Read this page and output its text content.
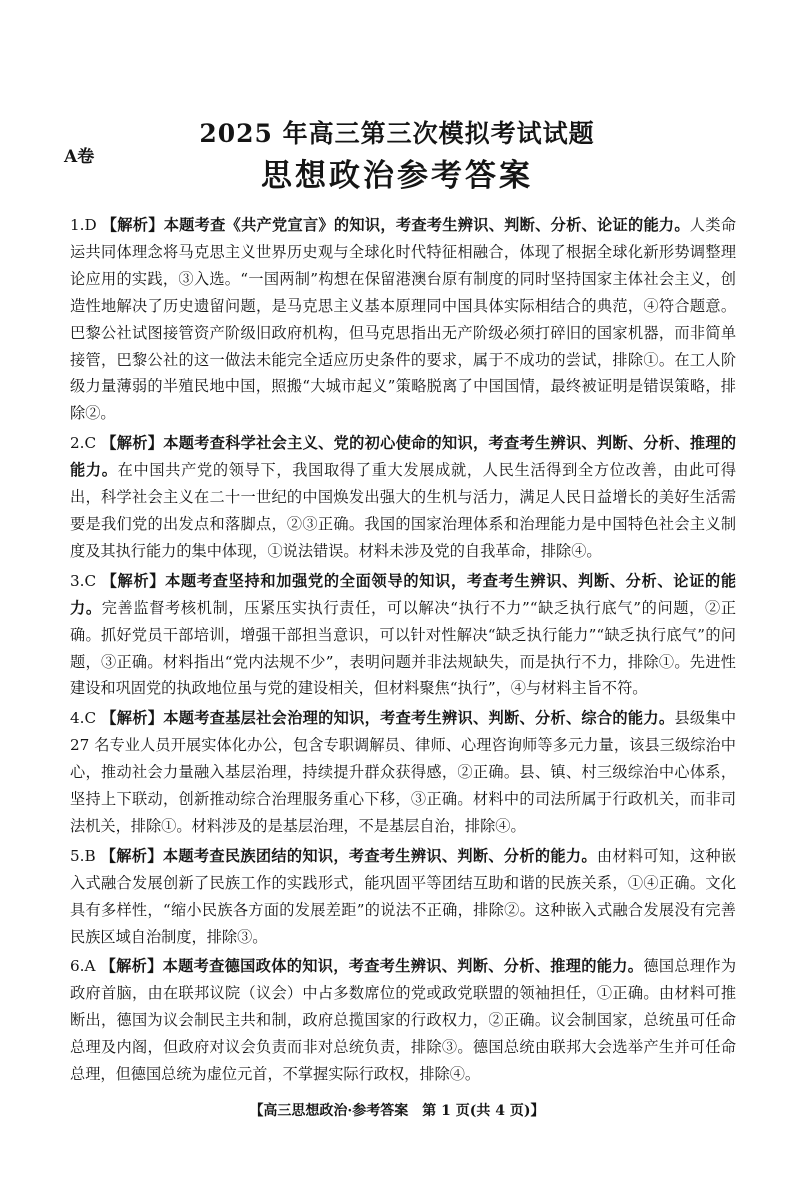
A卷
2025 年高三第三次模拟考试试题
思想政治参考答案

1.D 【解析】本题考查《共产党宣言》的知识，考查考生辨识、判断、分析、论证的能力。人类命运共同体理念将马克思主义世界历史观与全球化时代特征相融合，体现了根据全球化新形势调整理论应用的实践，③入选。“一国两制”构想在保留港澳台原有制度的同时坚持国家主体社会主义，创造性地解决了历史遗留问题，是马克思主义基本原理同中国具体实际相结合的典范，④符合题意。巴黎公社试图接管资产阶级旧政府机构，但马克思指出无产阶级必须打碎旧的国家机器，而非简单接管，巴黎公社的这一做法未能完全适应历史条件的要求，属于不成功的尝试，排除①。在工人阶级力量薄弱的半殖民地中国，照搬“大城市起义”策略脱离了中国国情，最终被证明是错误策略，排除②。

2.C 【解析】本题考查科学社会主义、党的初心使命的知识，考查考生辨识、判断、分析、推理的能力。在中国共产党的领导下，我国取得了重大发展成就，人民生活得到全方位改善，由此可得出，科学社会主义在二十一世纪的中国焕发出强大的生机与活力，满足人民日益增长的美好生活需要是我们党的出发点和落脚点，②③正确。我国的国家治理体系和治理能力是中国特色社会主义制度及其执行能力的集中体现，①说法错误。材料未涉及党的自我革命，排除④。

3.C 【解析】本题考查坚持和加强党的全面领导的知识，考查考生辨识、判断、分析、论证的能力。完善监督考核机制，压紧压实执行责任，可以解决“执行不力”“缺乏执行底气”的问题，②正确。抓好党员干部培训，增强干部担当意识，可以针对性解决“缺乏执行能力”“缺乏执行底气”的问题，③正确。材料指出“党内法规不少”，表明问题并非法规缺失，而是执行不力，排除①。先进性建设和巩固党的执政地位虽与党的建设相关，但材料聚焦“执行”，④与材料主旨不符。

4.C 【解析】本题考查基层社会治理的知识，考查考生辨识、判断、分析、综合的能力。县级集中 27 名专业人员开展实体化办公，包含专职调解员、律师、心理咨询师等多元力量，该县三级综治中心，推动社会力量融入基层治理，持续提升群众获得感，②正确。县、镇、村三级综治中心体系，坚持上下联动，创新推动综合治理服务重心下移，③正确。材料中的司法所属于行政机关，而非司法机关，排除①。材料涉及的是基层治理，不是基层自治，排除④。

5.B 【解析】本题考查民族团结的知识，考查考生辨识、判断、分析的能力。由材料可知，这种嵌入式融合发展创新了民族工作的实践形式，能巩固平等团结互助和谐的民族关系，①④正确。文化具有多样性，“缩小民族各方面的发展差距”的说法不正确，排除②。这种嵌入式融合发展没有完善民族区域自治制度，排除③。

6.A 【解析】本题考查德国政体的知识，考查考生辨识、判断、分析、推理的能力。德国总理作为政府首脑，由在联邦议院（议会）中占多数席位的党或政党联盟的领袖担任，①正确。由材料可推断出，德国为议会制民主共和制，政府总揽国家的行政权力，②正确。议会制国家，总统虽可任命总理及内阁，但政府对议会负责而非对总统负责，排除③。德国总统由联邦大会选举产生并可任命总理，但德国总统为虚位元首，不掌握实际行政权，排除④。

【高三思想政治·参考答案　第 1 页(共 4 页)】
